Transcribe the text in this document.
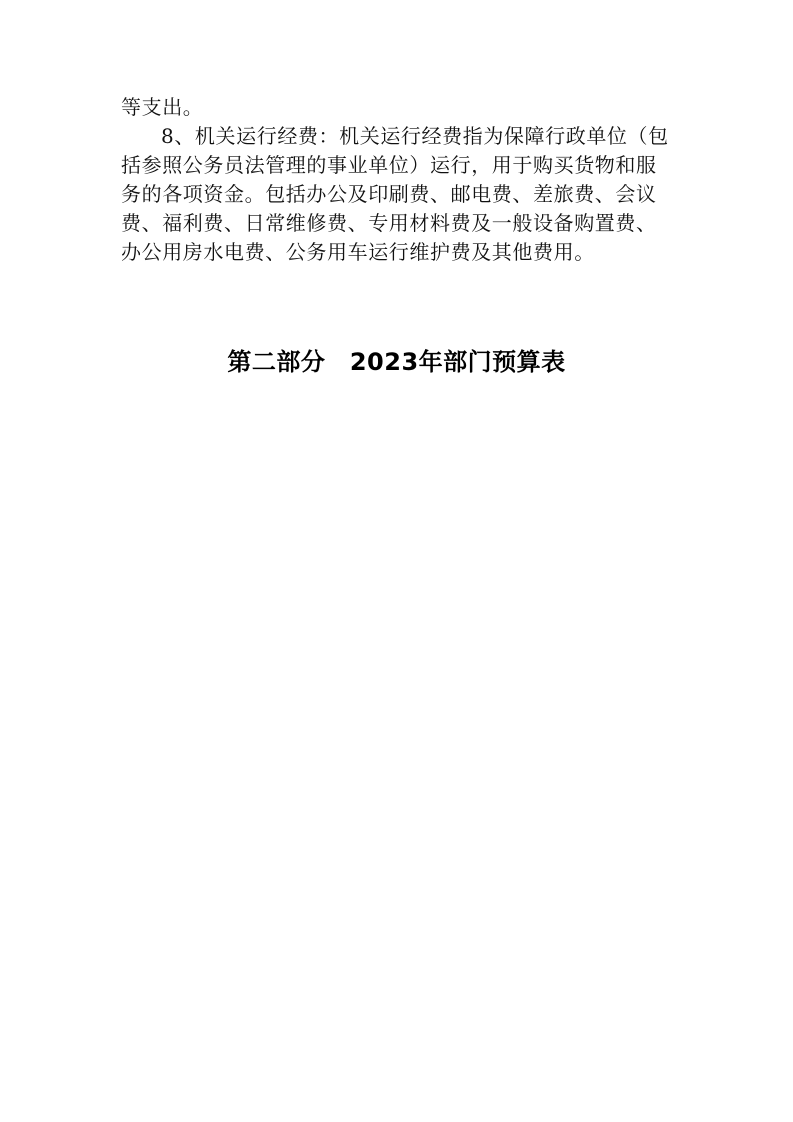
等支出。

8、机关运行经费：机关运行经费指为保障行政单位（包括参照公务员法管理的事业单位）运行，用于购买货物和服务的各项资金。包括办公及印刷费、邮电费、差旅费、会议费、福利费、日常维修费、专用材料费及一般设备购置费、办公用房水电费、公务用车运行维护费及其他费用。

第二部分　2023年部门预算表
